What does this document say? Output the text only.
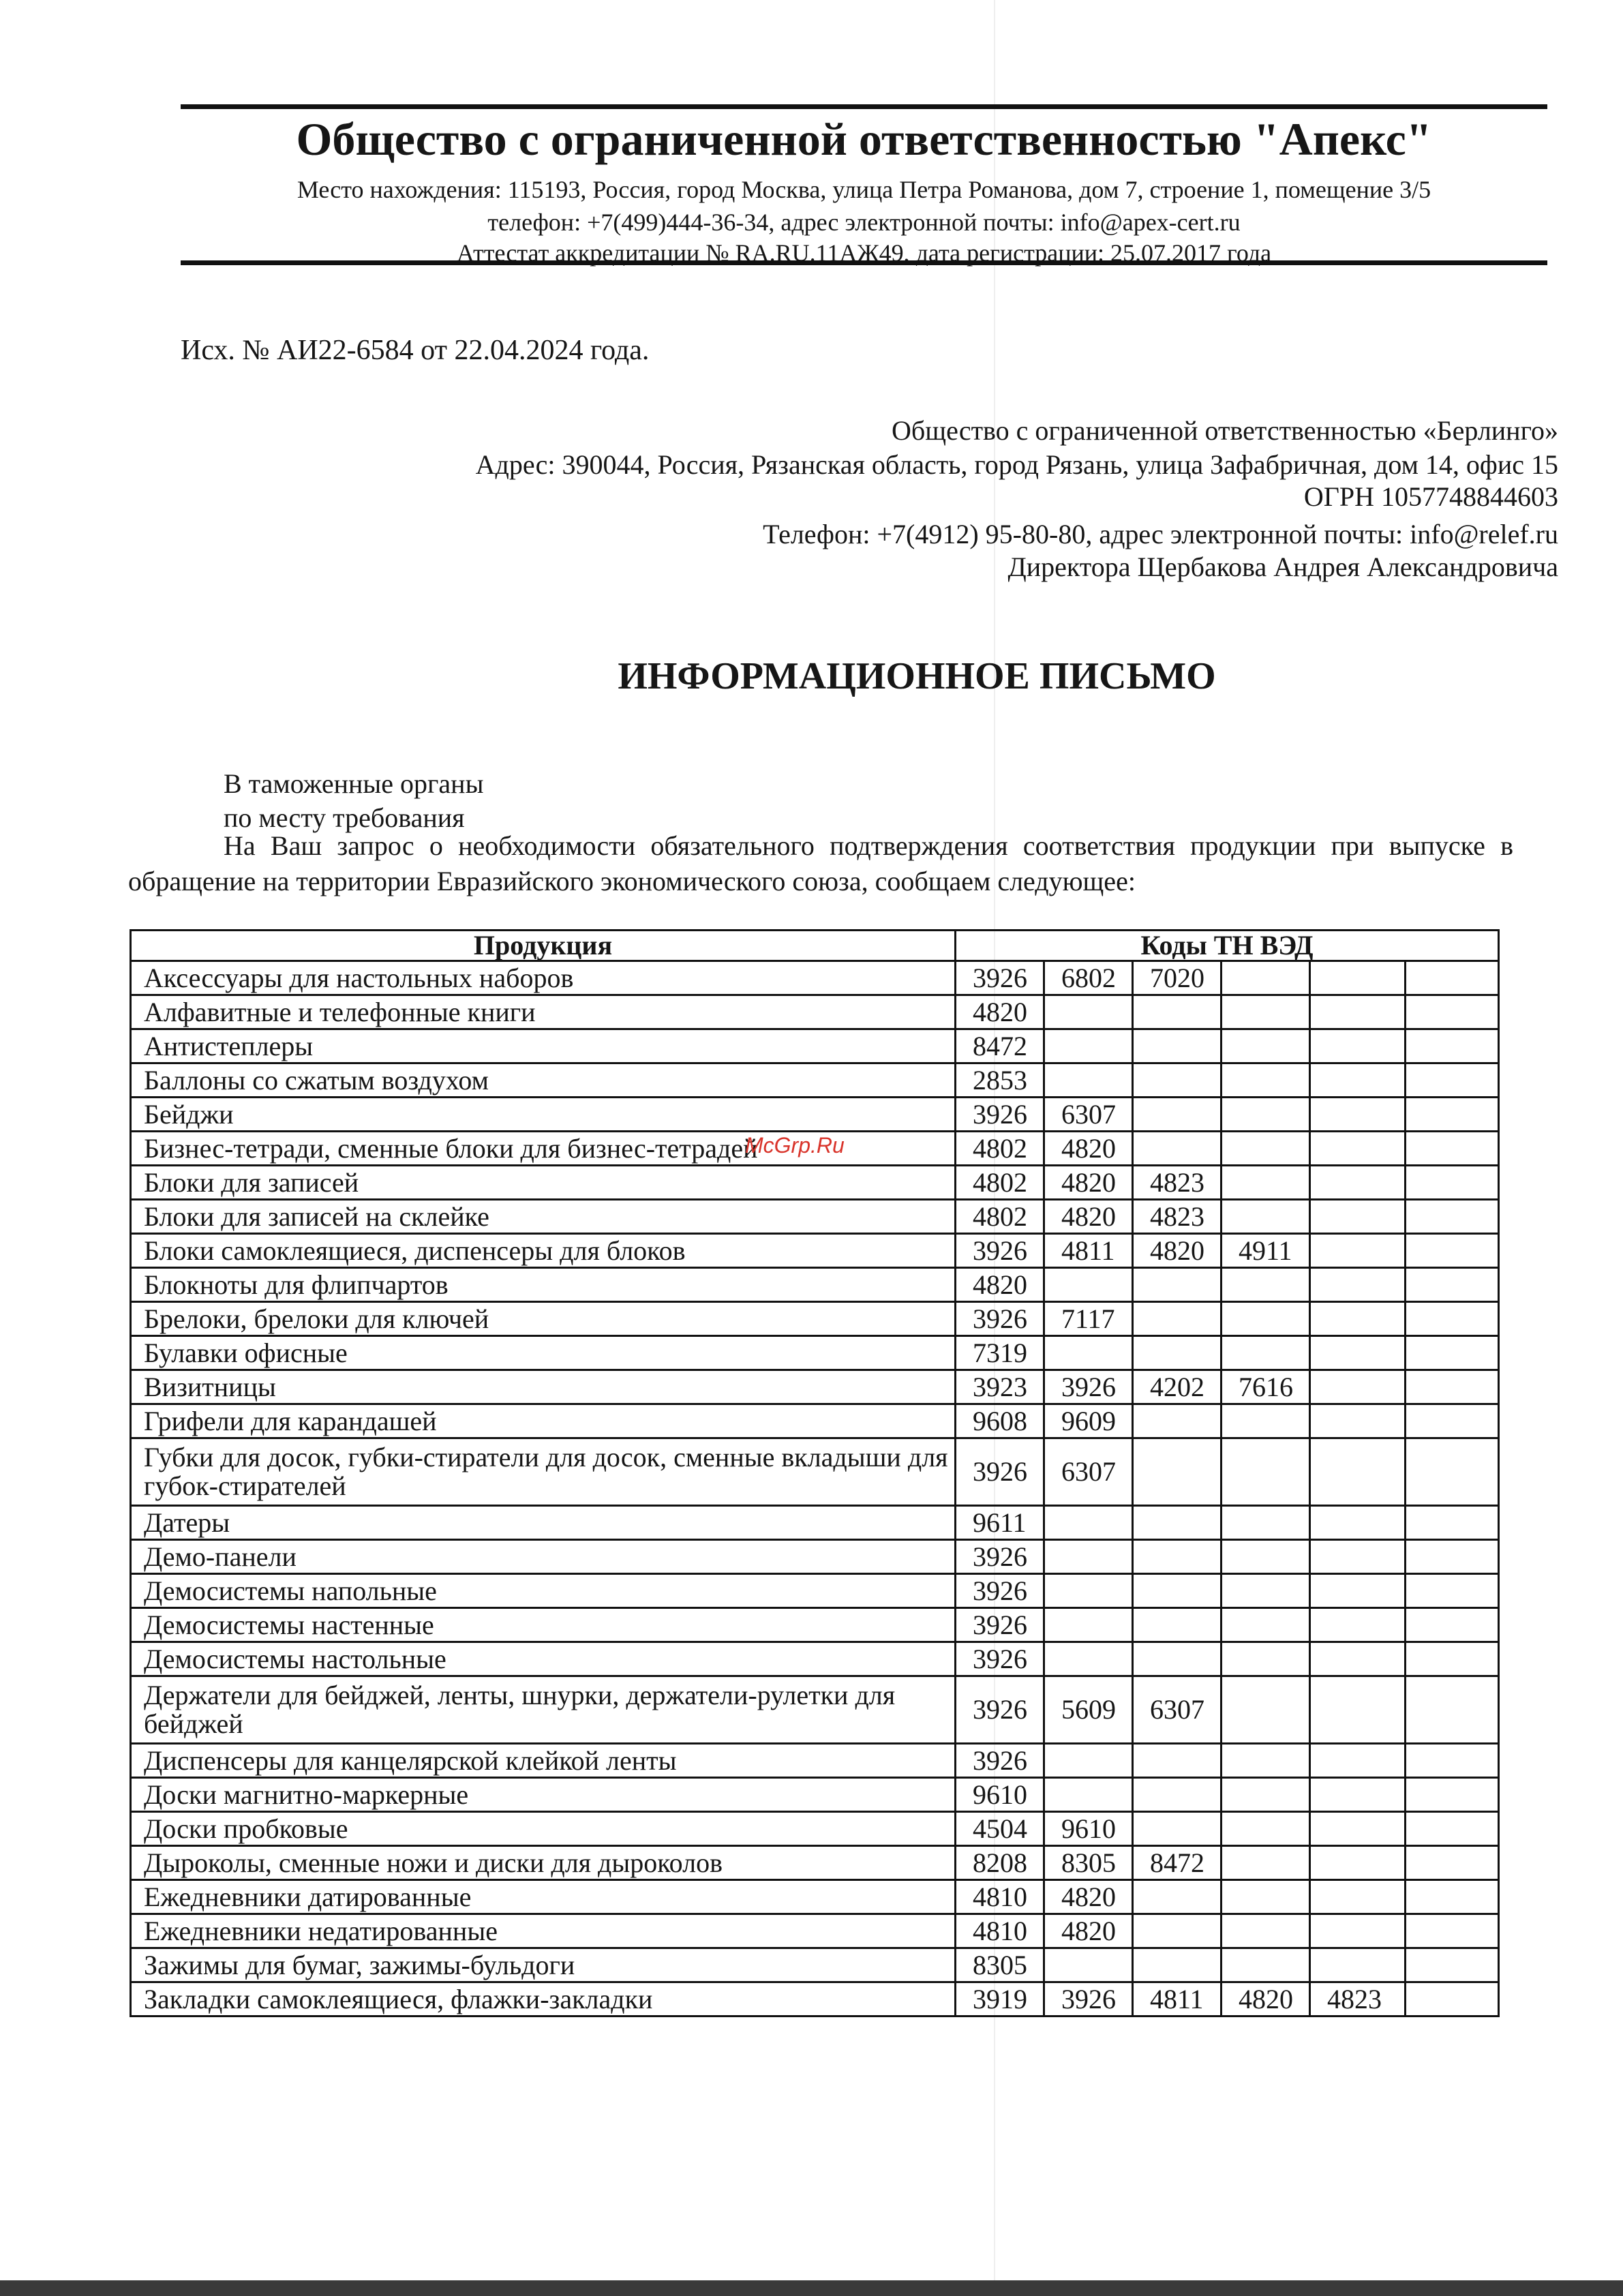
Общество с ограниченной ответственностью "Апекс"
Место нахождения: 115193, Россия, город Москва, улица Петра Романова, дом 7, строение 1, помещение 3/5
телефон: +7(499)444-36-34, адрес электронной почты: info@apex-cert.ru
Аттестат аккредитации № RA.RU.11АЖ49, дата регистрации: 25.07.2017 года
Исх. № АИ22-6584 от 22.04.2024 года.
Общество с ограниченной ответственностью «Берлинго»
Адрес: 390044, Россия, Рязанская область, город Рязань, улица Зафабричная, дом 14, офис 15
ОГРН 1057748844603
Телефон: +7(4912) 95-80-80, адрес электронной почты: info@relef.ru
Директора Щербакова Андрея Александровича
ИНФОРМАЦИОННОЕ ПИСЬМО
В таможенные органы
по месту требования
На Ваш запрос о необходимости обязательного подтверждения соответствия продукции при выпуске в обращение на территории Евразийского экономического союза, сообщаем следующее:
Продукция	Коды ТН ВЭД					
Аксессуары для настольных наборов	3926	6802	7020			
Алфавитные и телефонные книги	4820					
Антистеплеры	8472					
Баллоны со сжатым воздухом	2853					
Бейджи	3926	6307				
Бизнес-тетради, сменные блоки для бизнес-тетрадей	4802	4820				
Блоки для записей	4802	4820	4823			
Блоки для записей на склейке	4802	4820	4823			
Блоки самоклеящиеся, диспенсеры для блоков	3926	4811	4820	4911		
Блокноты для флипчартов	4820					
Брелоки, брелоки для ключей	3926	7117				
Булавки офисные	7319					
Визитницы	3923	3926	4202	7616		
Грифели для карандашей	9608	9609				
Губки для досок, губки-стиратели для досок, сменные вкладыши для губок-стирателей	3926	6307				
Датеры	9611					
Демо-панели	3926					
Демосистемы напольные	3926					
Демосистемы настенные	3926					
Демосистемы настольные	3926					
Держатели для бейджей, ленты, шнурки, держатели-рулетки для бейджей	3926	5609	6307			
Диспенсеры для канцелярской клейкой ленты	3926					
Доски магнитно-маркерные	9610					
Доски пробковые	4504	9610				
Дыроколы, сменные ножи и диски для дыроколов	8208	8305	8472			
Ежедневники датированные	4810	4820				
Ежедневники недатированные	4810	4820				
Зажимы для бумаг, зажимы-бульдоги	8305					
Закладки самоклеящиеся, флажки-закладки	3919	3926	4811	4820	4823	
McGrp.Ru
